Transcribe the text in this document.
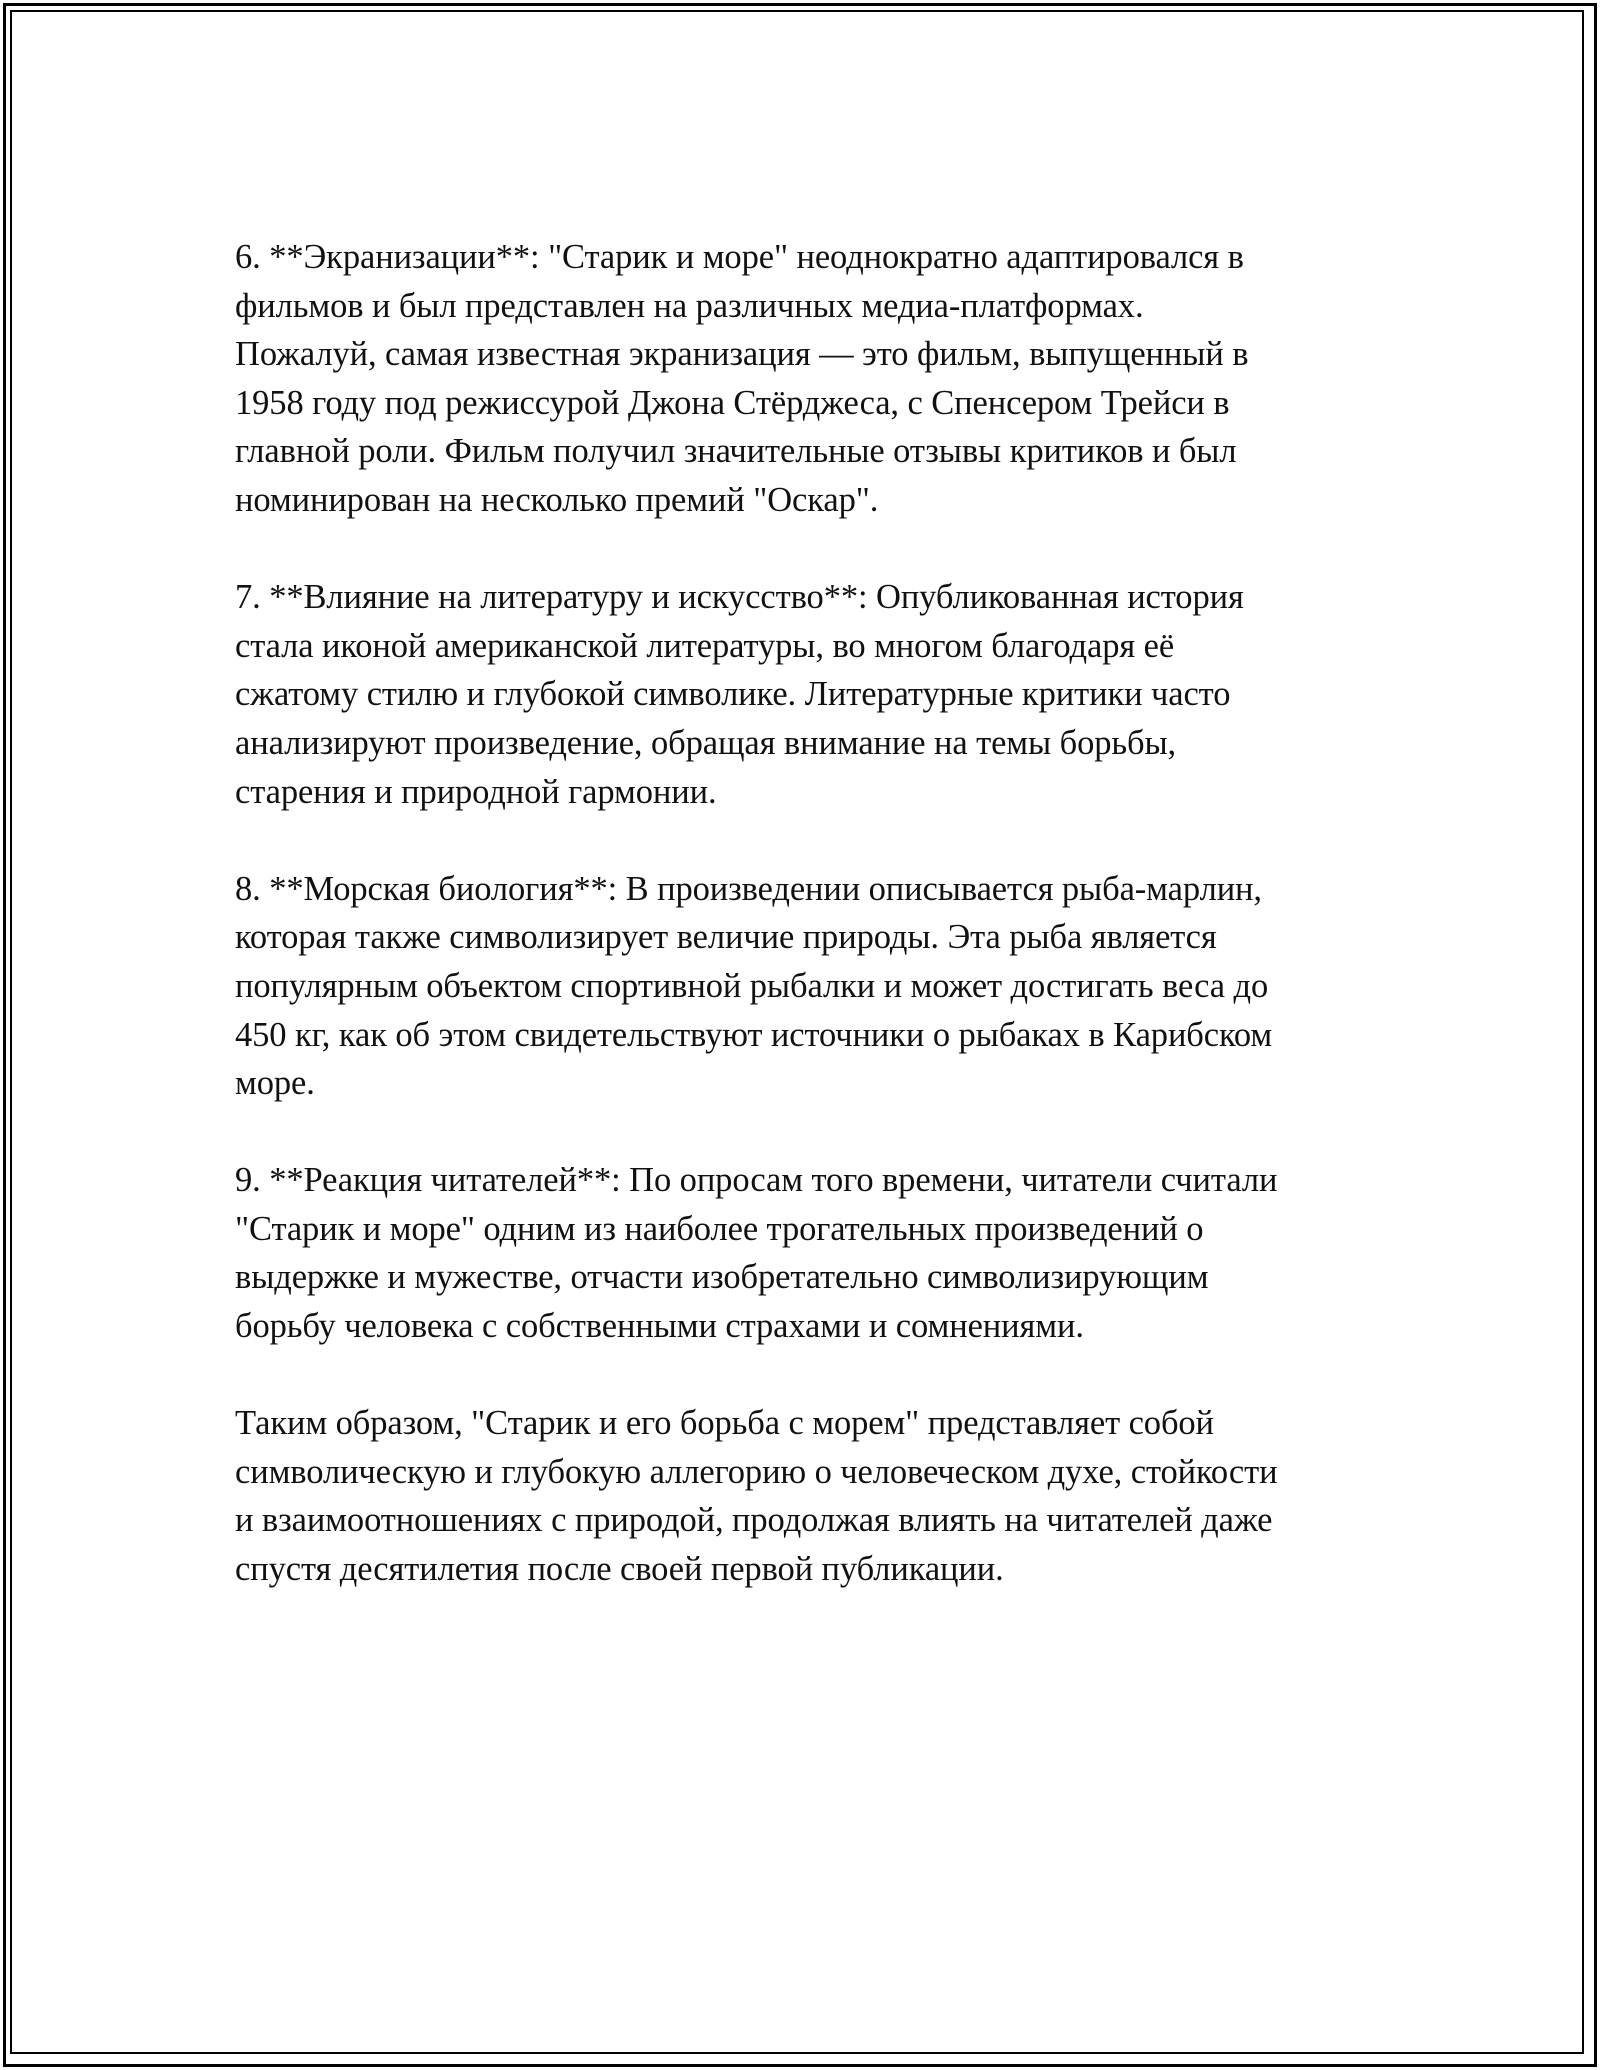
6. **Экранизации**: "Старик и море" неоднократно адаптировался в
фильмов и был представлен на различных медиа-платформах.
Пожалуй, самая известная экранизация — это фильм, выпущенный в
1958 году под режиссурой Джона Стёрджеса, с Спенсером Трейси в
главной роли. Фильм получил значительные отзывы критиков и был
номинирован на несколько премий "Оскар".

7. **Влияние на литературу и искусство**: Опубликованная история
стала иконой американской литературы, во многом благодаря её
сжатому стилю и глубокой символике. Литературные критики часто
анализируют произведение, обращая внимание на темы борьбы,
старения и природной гармонии.

8. **Морская биология**: В произведении описывается рыба-марлин,
которая также символизирует величие природы. Эта рыба является
популярным объектом спортивной рыбалки и может достигать веса до
450 кг, как об этом свидетельствуют источники о рыбаках в Карибском
море.

9. **Реакция читателей**: По опросам того времени, читатели считали
"Старик и море" одним из наиболее трогательных произведений о
выдержке и мужестве, отчасти изобретательно символизирующим
борьбу человека с собственными страхами и сомнениями.

Таким образом, "Старик и его борьба с морем" представляет собой
символическую и глубокую аллегорию о человеческом духе, стойкости
и взаимоотношениях с природой, продолжая влиять на читателей даже
спустя десятилетия после своей первой публикации.
